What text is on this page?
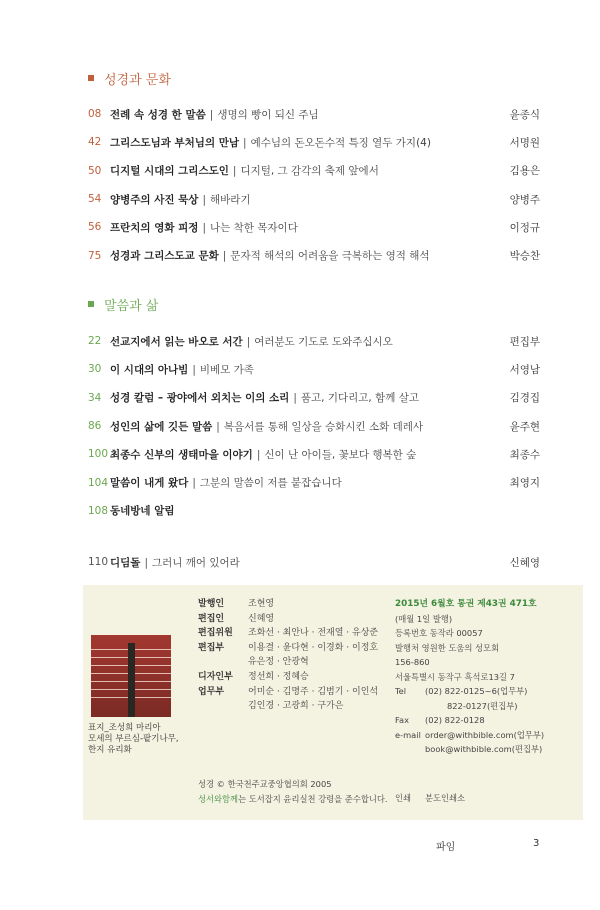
성경과 문화
08 전례 속 성경 한 말씀 | 생명의 빵이 되신 주님	윤종식
42 그리스도님과 부처님의 만남 | 예수님의 돈오돈수적 특징 열두 가지(4)	서명원
50 디지털 시대의 그리스도인 | 디지털, 그 감각의 축제 앞에서	김용은
54 양병주의 사진 묵상 | 해바라기	양병주
56 프란치의 영화 피정 | 나는 착한 목자이다	이정규
75 성경과 그리스도교 문화 | 문자적 해석의 어려움을 극복하는 영적 해석	박승찬
말씀과 삶
22 선교지에서 읽는 바오로 서간 | 여러분도 기도로 도와주십시오	편집부
30 이 시대의 아나빔 | 비베모 가족	서영남
34 성경 칼럼 – 광야에서 외치는 이의 소리 | 품고, 기다리고, 함께 살고	김경집
86 성인의 삶에 깃든 말씀 | 복음서를 통해 일상을 승화시킨 소화 데레사	윤주현
100 최종수 신부의 생태마을 이야기 | 신이 난 아이들, 꽃보다 행복한 숲	최종수
104 말씀이 내게 왔다 | 그분의 말씀이 저를 붙잡습니다	최영지
108 동네방네 알림
110 디딤돌 | 그러니 깨어 있어라	신혜영
표지_조성희 마리아
모세의 부르심-팥기나무,
한지 유리화
발행인	조현영
편집인	신혜영
편집위원	조화선 · 최안나 · 전재열 · 유상준
편집부	이용결 · 윤다현 · 이경화 · 이정호
유은정 · 안광혁
디자인부	정선희 · 정혜승
업무부	어미순 · 김명주 · 김범기 · 이인석
김인경 · 고광희 · 구가은
2015년 6월호 통권 제43권 471호
(매월 1일 발행)
등록번호 동작라 00057
발행처 영원한 도움의 성모회
156-860
서울특별시 동작구 흑석로13길 7
Tel	(02) 822-0125~6(업무부)
822-0127(편집부)
Fax	(02) 822-0128
e-mail order@withbible.com(업무부)
book@withbible.com(편집부)
성경 © 한국천주교중앙협의회 2005
성서와함께는 도서잡지 윤리실천 강령을 준수합니다. 인쇄	분도인쇄소
파임	3
